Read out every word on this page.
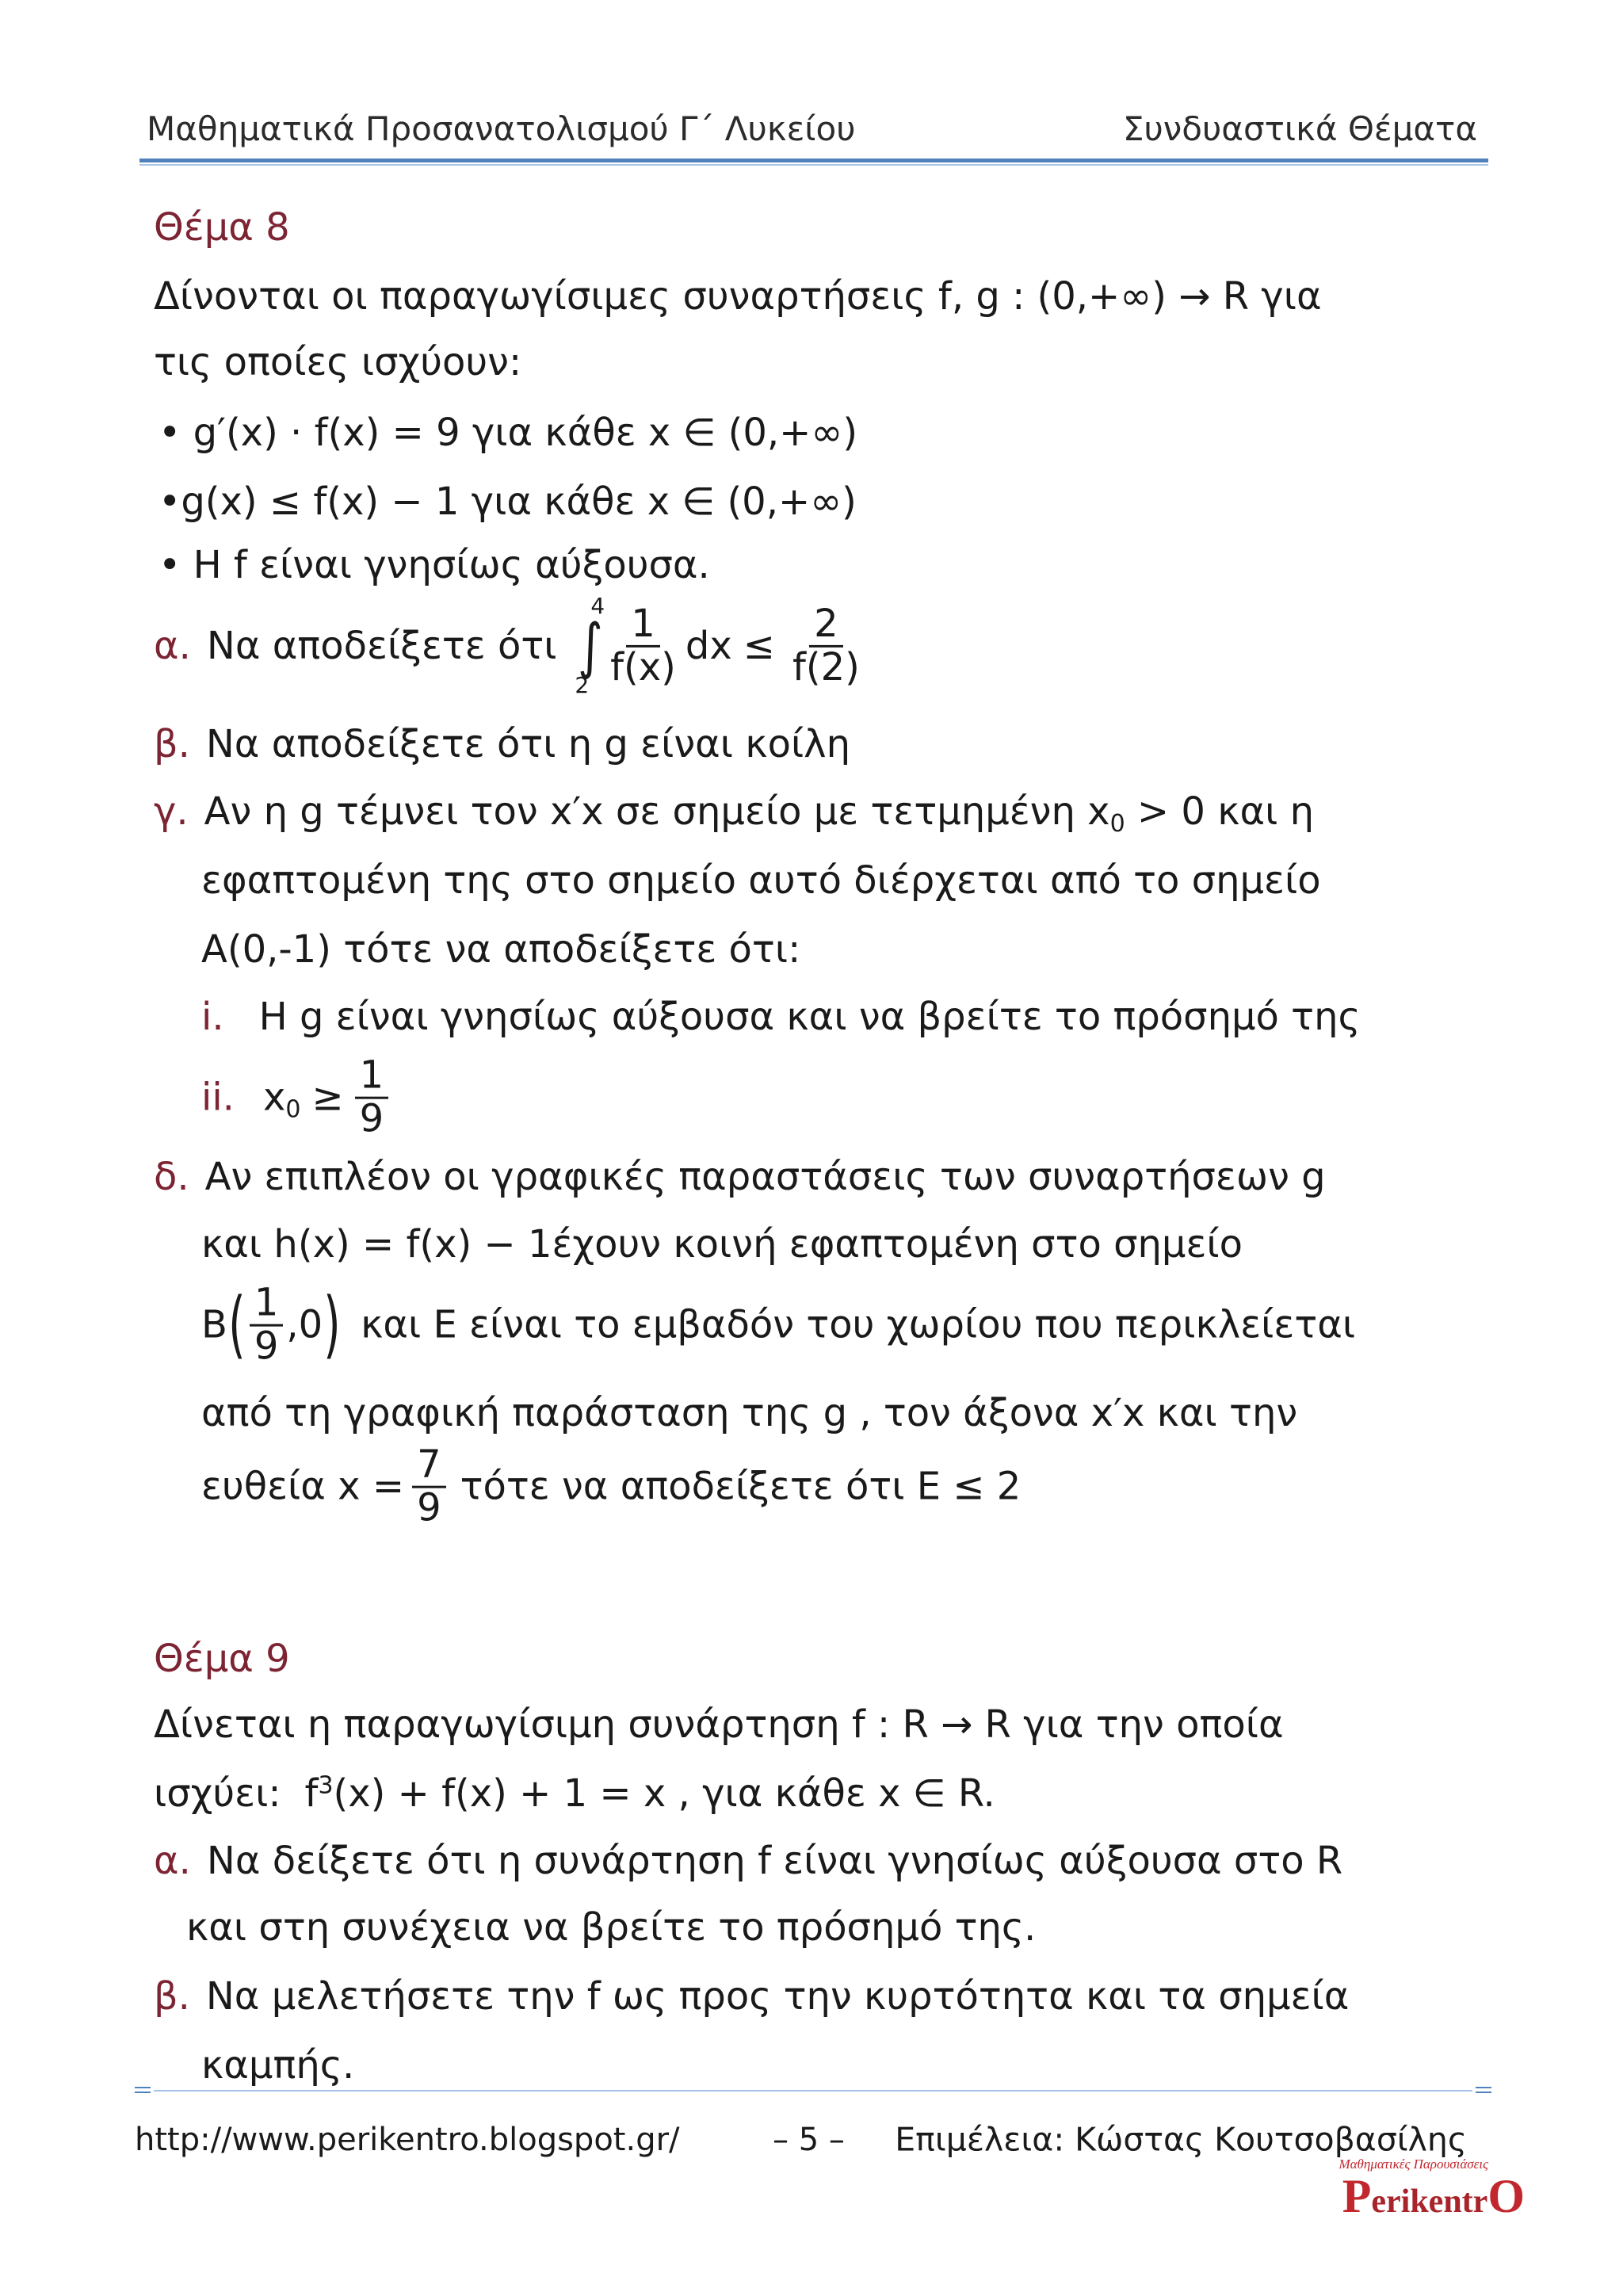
Μαθηματικά Προσανατολισμού Γ΄ Λυκείου	Συνδυαστικά Θέματα
Θέμα 8
Δίνονται οι παραγωγίσιμες συναρτήσεις f, g : (0,+∞) → R για
τις οποίες ισχύουν:
• g′(x) · f(x) = 9 για κάθε x ∈ (0,+∞)
•g(x) ≤ f(x) − 1 για κάθε x ∈ (0,+∞)
• Η f είναι γνησίως αύξουσα.
α. Να αποδείξετε ότι
4
∫
$2 \frac{1}{f(x)}$ dx ≤ $\frac{2}{f(2)}$
β. Να αποδείξετε ότι η g είναι κοίλη
γ. Αν η g τέμνει τον x′x σε σημείο με τετμημένη $x_0 > 0$ και η
εφαπτομένη της στο σημείο αυτό διέρχεται από το σημείο
Α(0,-1) τότε να αποδείξετε ότι:
i. Η g είναι γνησίως αύξουσα και να βρείτε το πρόσημό της
ii. $x_0 \ge \frac{1}{9}$
δ. Αν επιπλέον οι γραφικές παραστάσεις των συναρτήσεων g
και h(x) = f(x) − 1έχουν κοινή εφαπτομένη στο σημείο
B ( $\frac{1}{9} ,0$ ) και Ε είναι το εμβαδόν του χωρίου που περικλείεται
από τη γραφική παράσταση της g , τον άξονα x′x και την
ευθεία $x = \frac{7}{9}$ τότε να αποδείξετε ότι Ε ≤ 2
Θέμα 9
Δίνεται η παραγωγίσιμη συνάρτηση f : R → R για την οποία
ισχύει: $f^3(x) + f(x) + 1 = x$ , για κάθε x ∈ R.
α. Να δείξετε ότι η συνάρτηση f είναι γνησίως αύξουσα στο R
και στη συνέχεια να βρείτε το πρόσημό της.
β. Να μελετήσετε την f ως προς την κυρτότητα και τα σημεία
καμπής.
http://www.perikentro.blogspot.gr/	– 5 – Επιμέλεια: Κώστας Κουτσοβασίλης
Μαθηματικές Παρουσιάσεις
P erikentr O
